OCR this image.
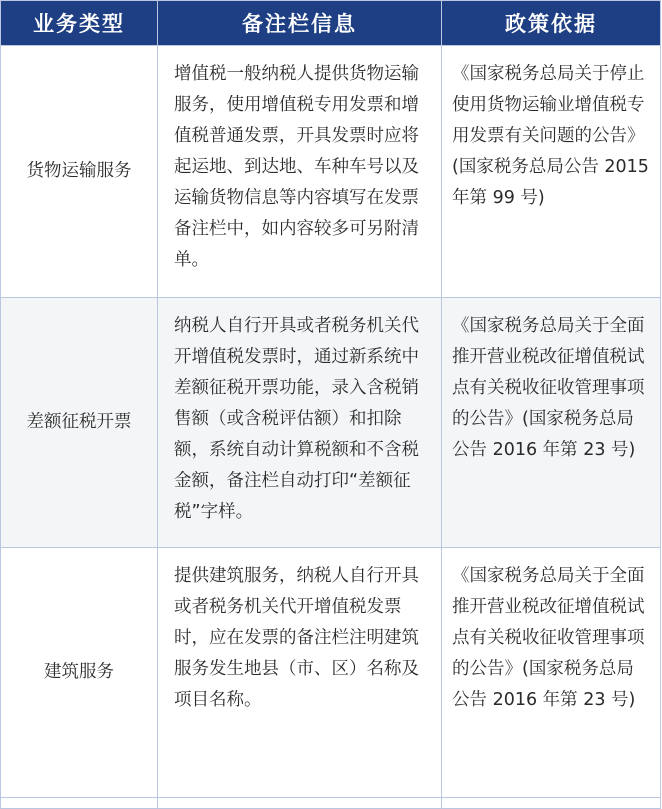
业务类型	备注栏信息	政策依据
货物运输服务	增值税一般纳税人提供货物运输服务，使用增值税专用发票和增值税普通发票，开具发票时应将起运地、到达地、车种车号以及运输货物信息等内容填写在发票备注栏中，如内容较多可另附清单。	《国家税务总局关于停止使用货物运输业增值税专用发票有关问题的公告》(国家税务总局公告 2015 年第 99 号)
差额征税开票	纳税人自行开具或者税务机关代开增值税发票时，通过新系统中差额征税开票功能，录入含税销售额（或含税评估额）和扣除额，系统自动计算税额和不含税金额，备注栏自动打印“差额征税”字样。	《国家税务总局关于全面推开营业税改征增值税试点有关税收征收管理事项的公告》(国家税务总局公告 2016 年第 23 号)
建筑服务	提供建筑服务，纳税人自行开具或者税务机关代开增值税发票时，应在发票的备注栏注明建筑服务发生地县（市、区）名称及项目名称。	《国家税务总局关于全面推开营业税改征增值税试点有关税收征收管理事项的公告》(国家税务总局公告 2016 年第 23 号)
